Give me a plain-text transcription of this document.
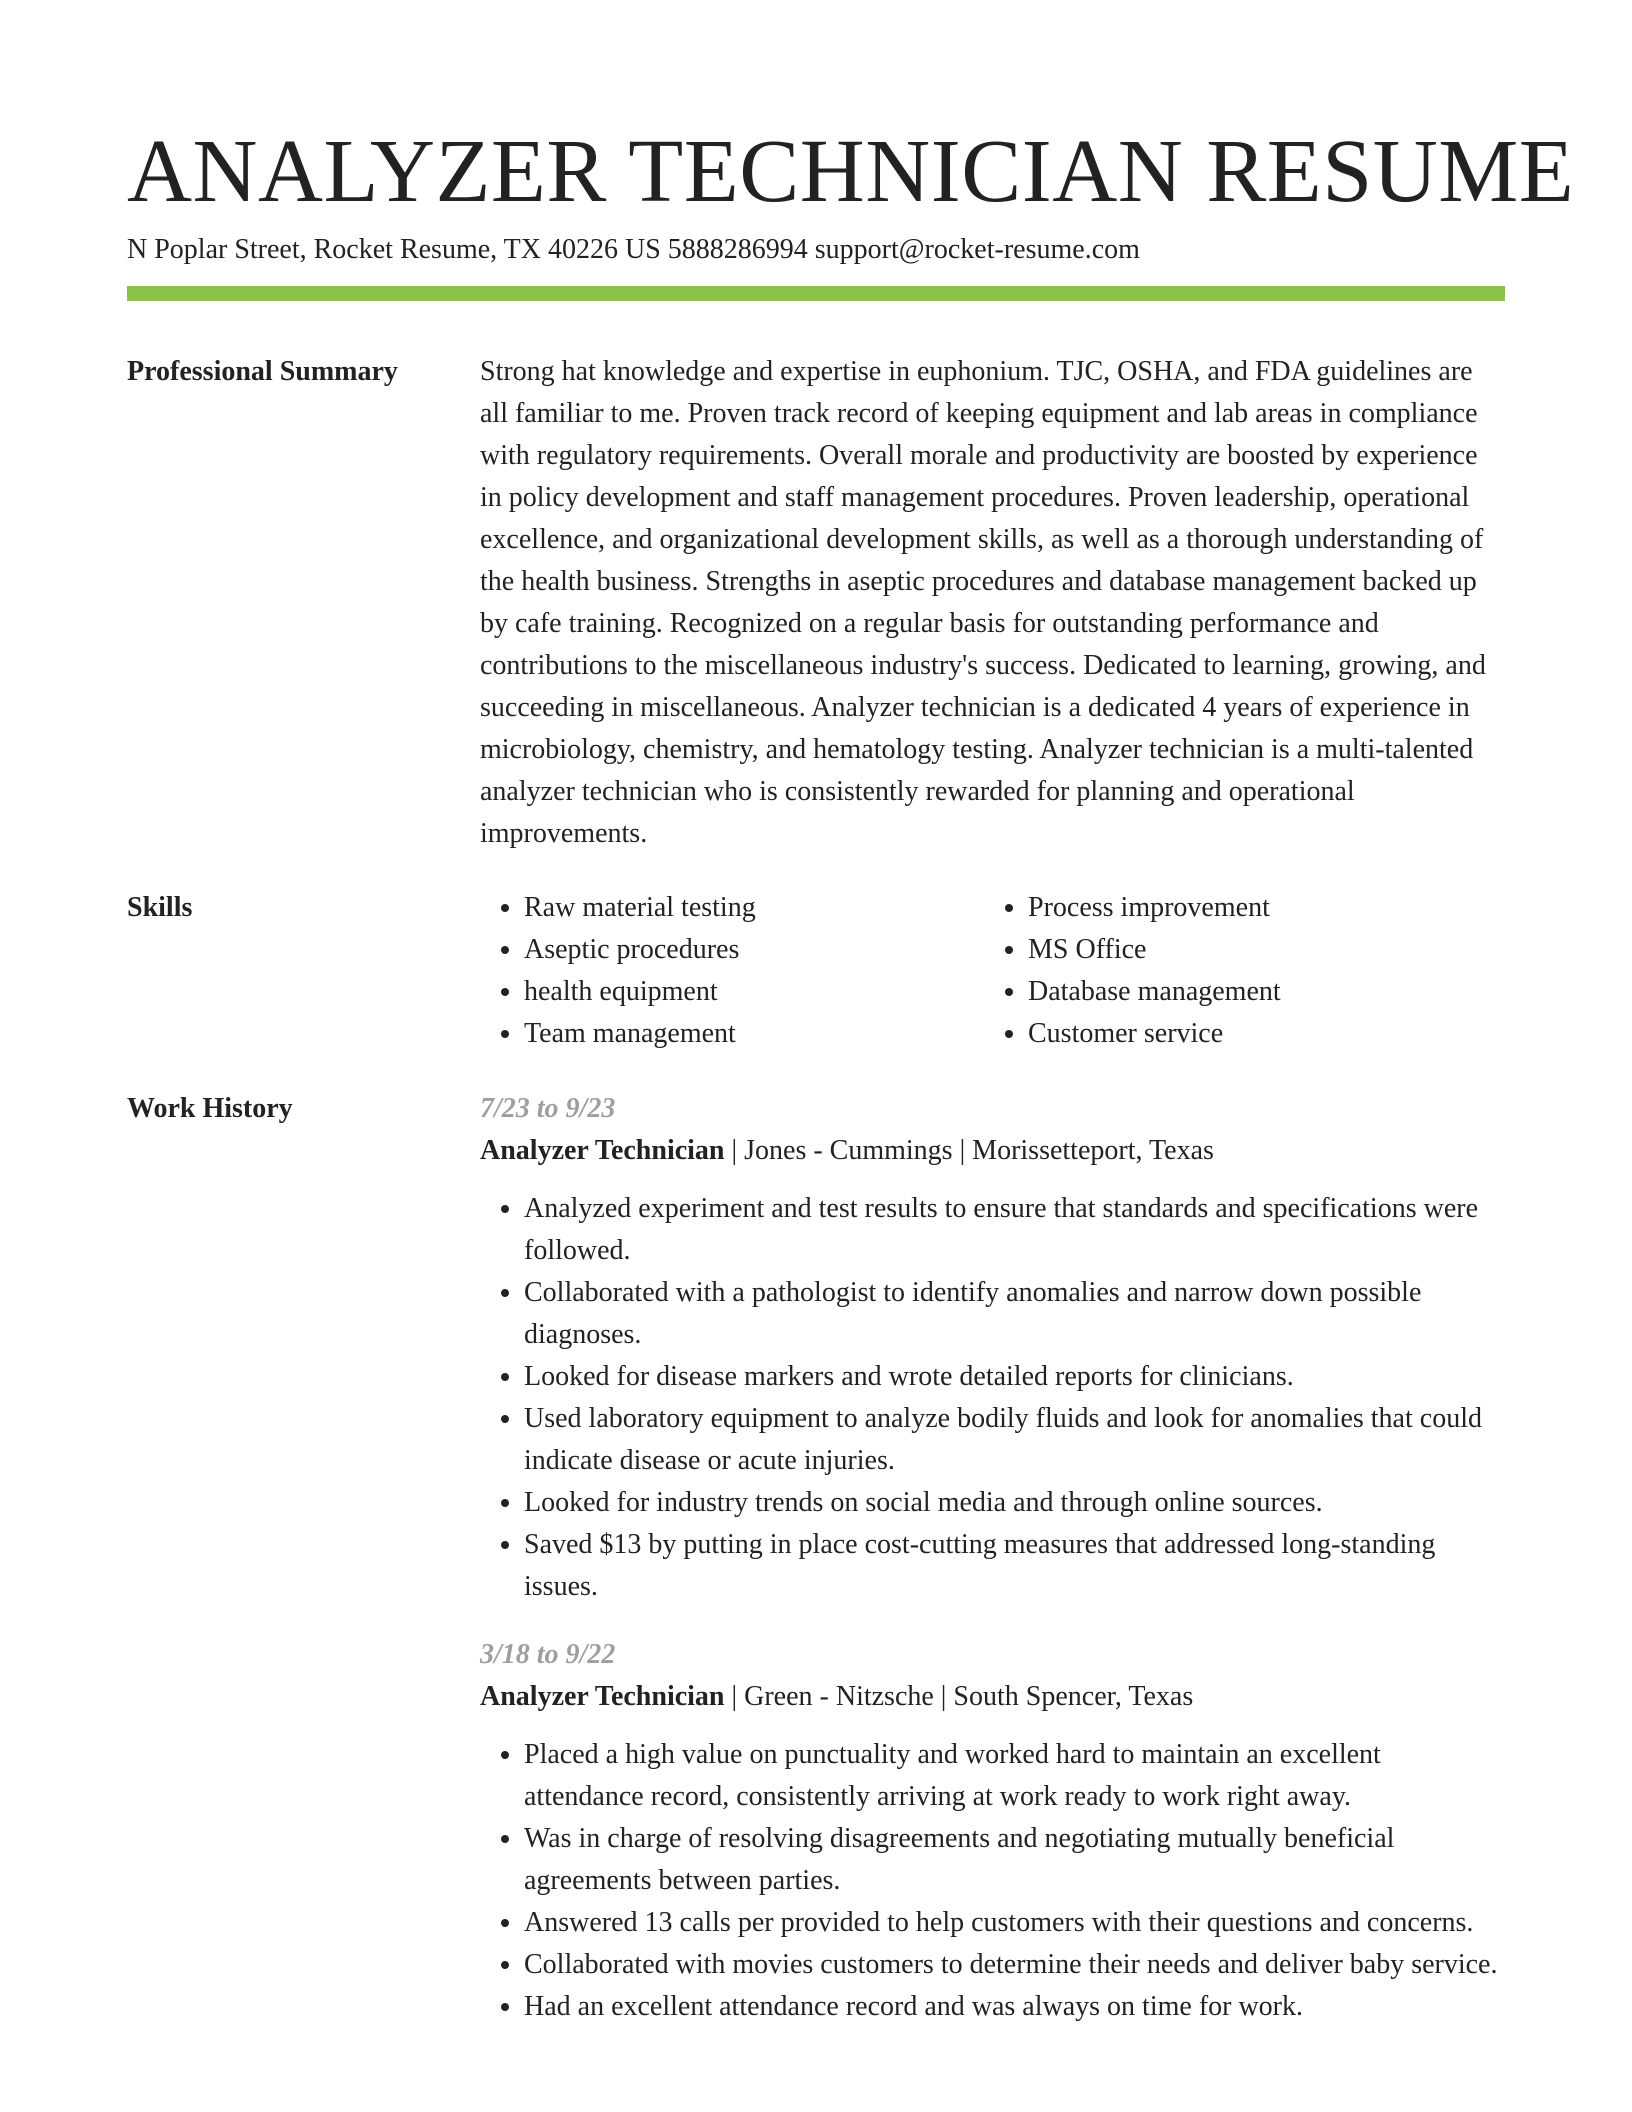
ANALYZER TECHNICIAN RESUME
N Poplar Street, Rocket Resume, TX 40226 US 5888286994 support@rocket-resume.com
Professional Summary	Strong hat knowledge and expertise in euphonium. TJC, OSHA, and FDA guidelines are all familiar to me. Proven track record of keeping equipment and lab areas in compliance with regulatory requirements. Overall morale and productivity are boosted by experience in policy development and staff management procedures. Proven leadership, operational excellence, and organizational development skills, as well as a thorough understanding of the health business. Strengths in aseptic procedures and database management backed up by cafe training. Recognized on a regular basis for outstanding performance and contributions to the miscellaneous industry's success. Dedicated to learning, growing, and succeeding in miscellaneous. Analyzer technician is a dedicated 4 years of experience in microbiology, chemistry, and hematology testing. Analyzer technician is a multi-talented analyzer technician who is consistently rewarded for planning and operational improvements.

Skills
•	Raw material testing
• Aseptic procedures
• health equipment
• Team management
• Process improvement
• MS Office
• Database management
• Customer service
Work History	7/23 to 9/23
Analyzer Technician | Jones - Cummings | Morissetteport, Texas
• Analyzed experiment and test results to ensure that standards and specifications were followed.
• Collaborated with a pathologist to identify anomalies and narrow down possible diagnoses.
• Looked for disease markers and wrote detailed reports for clinicians.
• Used laboratory equipment to analyze bodily fluids and look for anomalies that could indicate disease or acute injuries.
• Looked for industry trends on social media and through online sources.
• Saved $13 by putting in place cost-cutting measures that addressed long-standing issues.
3/18 to 9/22
Analyzer Technician | Green - Nitzsche | South Spencer, Texas
• Placed a high value on punctuality and worked hard to maintain an excellent attendance record, consistently arriving at work ready to work right away.
• Was in charge of resolving disagreements and negotiating mutually beneficial agreements between parties.
• Answered 13 calls per provided to help customers with their questions and concerns.
• Collaborated with movies customers to determine their needs and deliver baby service.
• Had an excellent attendance record and was always on time for work.
